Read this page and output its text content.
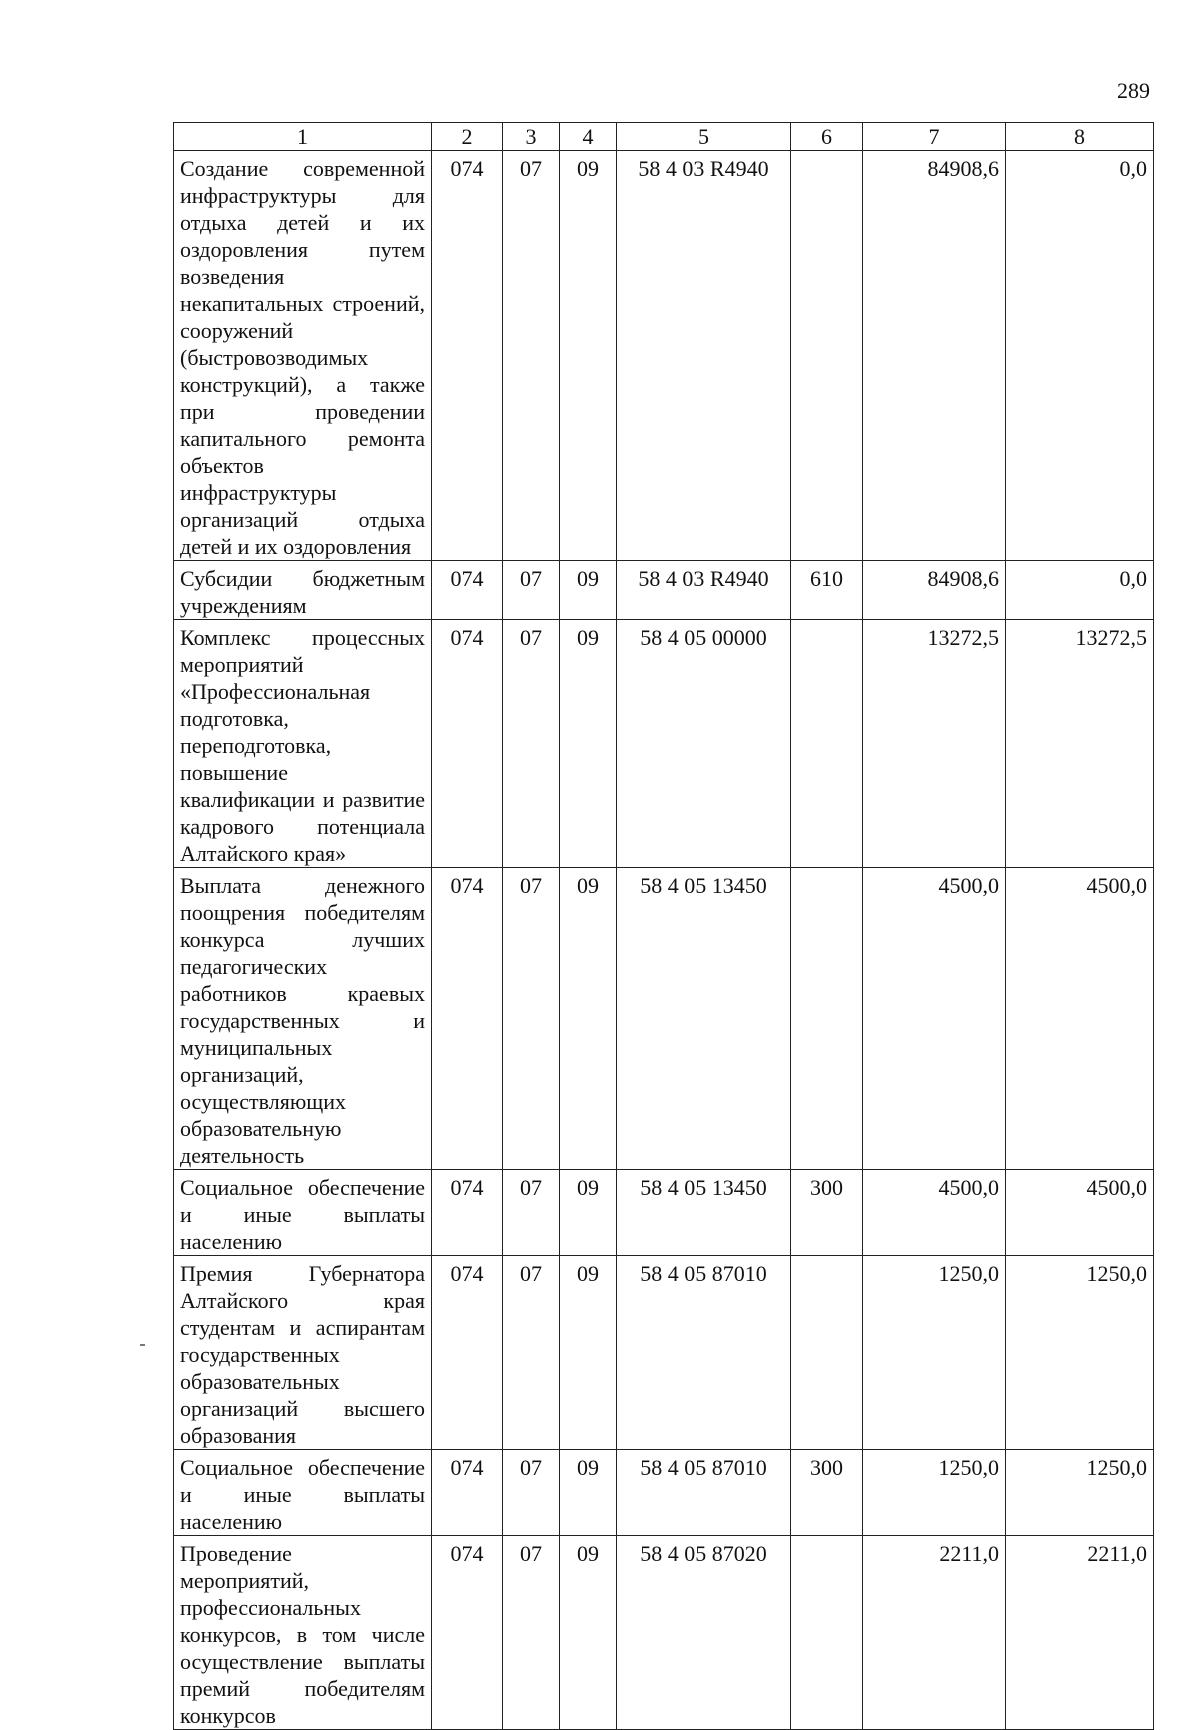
289
1	2	3	4	5	6	7	8
Создание современной инфраструктуры для отдыха детей и их оздоровления путем возведения некапитальных строений, сооружений (быстровозводимых конструкций), а также при проведении капитального ремонта объектов инфраструктуры организаций отдыха детей и их оздоровления	074	07	09	58 4 03 R4940		84908,6	0,0
Субсидии бюджетным учреждениям	074	07	09	58 4 03 R4940	610	84908,6	0,0
Комплекс процессных мероприятий «Профессиональная подготовка, переподготовка, повышение квалификации и развитие кадрового потенциала Алтайского края»	074	07	09	58 4 05 00000		13272,5	13272,5
Выплата денежного поощрения победителям конкурса лучших педагогических работников краевых государственных и муниципальных организаций, осуществляющих образовательную деятельность	074	07	09	58 4 05 13450		4500,0	4500,0
Социальное обеспечение и иные выплаты населению	074	07	09	58 4 05 13450	300	4500,0	4500,0
Премия Губернатора Алтайского края студентам и аспирантам государственных образовательных организаций высшего образования	074	07	09	58 4 05 87010		1250,0	1250,0
Социальное обеспечение и иные выплаты населению	074	07	09	58 4 05 87010	300	1250,0	1250,0
Проведение мероприятий, профессиональных конкурсов, в том числе осуществление выплаты премий победителям конкурсов	074	07	09	58 4 05 87020		2211,0	2211,0
